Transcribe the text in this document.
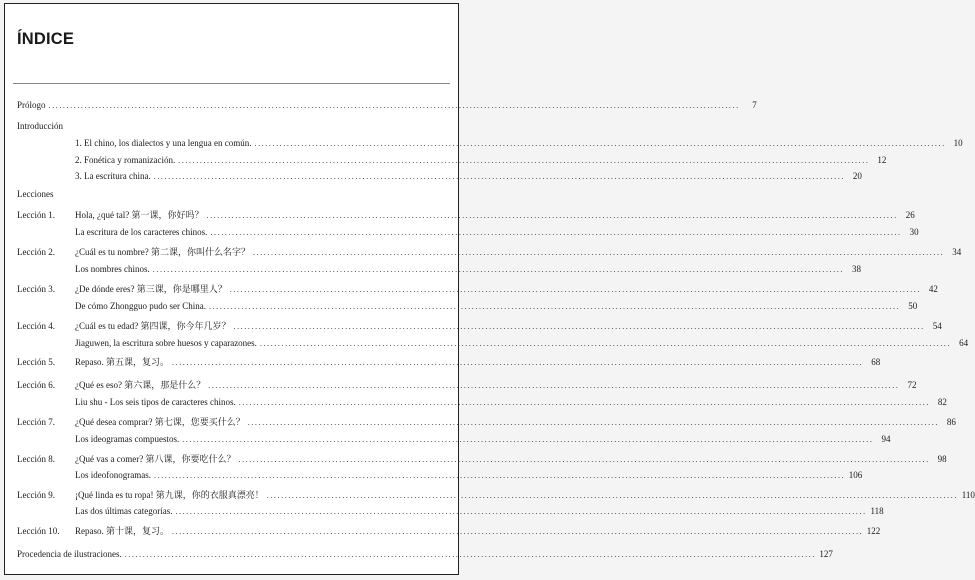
ÍNDICE
Prólogo ................................................................................................................................................................................................	7
Introducción
1. El chino, los dialectos y una lengua en común. ................................................................................................................................................................................................ 10
2. Fonética y romanización. ................................................................................................................................................................................................ 12
3. La escritura china. ................................................................................................................................................................................................ 20
Lecciones
Lección 1.	Hola, ¿qué tal? 第一课，你好吗？ ................................................................................................................................................................................................ 26
La escritura de los caracteres chinos. ................................................................................................................................................................................................ 30
Lección 2.	¿Cuál es tu nombre? 第二课，你叫什么名字？ ................................................................................................................................................................................................ 34
Los nombres chinos. ................................................................................................................................................................................................ 38
Lección 3.	¿De dónde eres? 第三课，你是哪里人？ ................................................................................................................................................................................................ 42
De cómo Zhongguo pudo ser China. ................................................................................................................................................................................................ 50
Lección 4.	¿Cuál es tu edad? 第四课，你今年几岁？ ................................................................................................................................................................................................ 54
Jiaguwen, la escritura sobre huesos y caparazones. ................................................................................................................................................................................................ 64
Lección 5.	Repaso. 第五课，复习。 ................................................................................................................................................................................................ 68
Lección 6.	¿Qué es eso? 第六课，那是什么？ ................................................................................................................................................................................................ 72
Liu shu - Los seis tipos de caracteres chinos. ................................................................................................................................................................................................ 82
Lección 7.	¿Qué desea comprar? 第七课，您要买什么？ ................................................................................................................................................................................................ 86
Los ideogramas compuestos. ................................................................................................................................................................................................ 94
Lección 8.	¿Qué vas a comer? 第八课，你要吃什么？ ................................................................................................................................................................................................ 98
Los ideofonogramas. ................................................................................................................................................................................................ 106
Lección 9.	¡Qué linda es tu ropa! 第九课，你的衣服真漂亮！ ................................................................................................................................................................................................ 110
Las dos últimas categorías. ................................................................................................................................................................................................ 118
Lección 10.	Repaso. 第十课，复习。 ................................................................................................................................................................................................ 122
Procedencia de ilustraciones. ................................................................................................................................................................................................ 127
